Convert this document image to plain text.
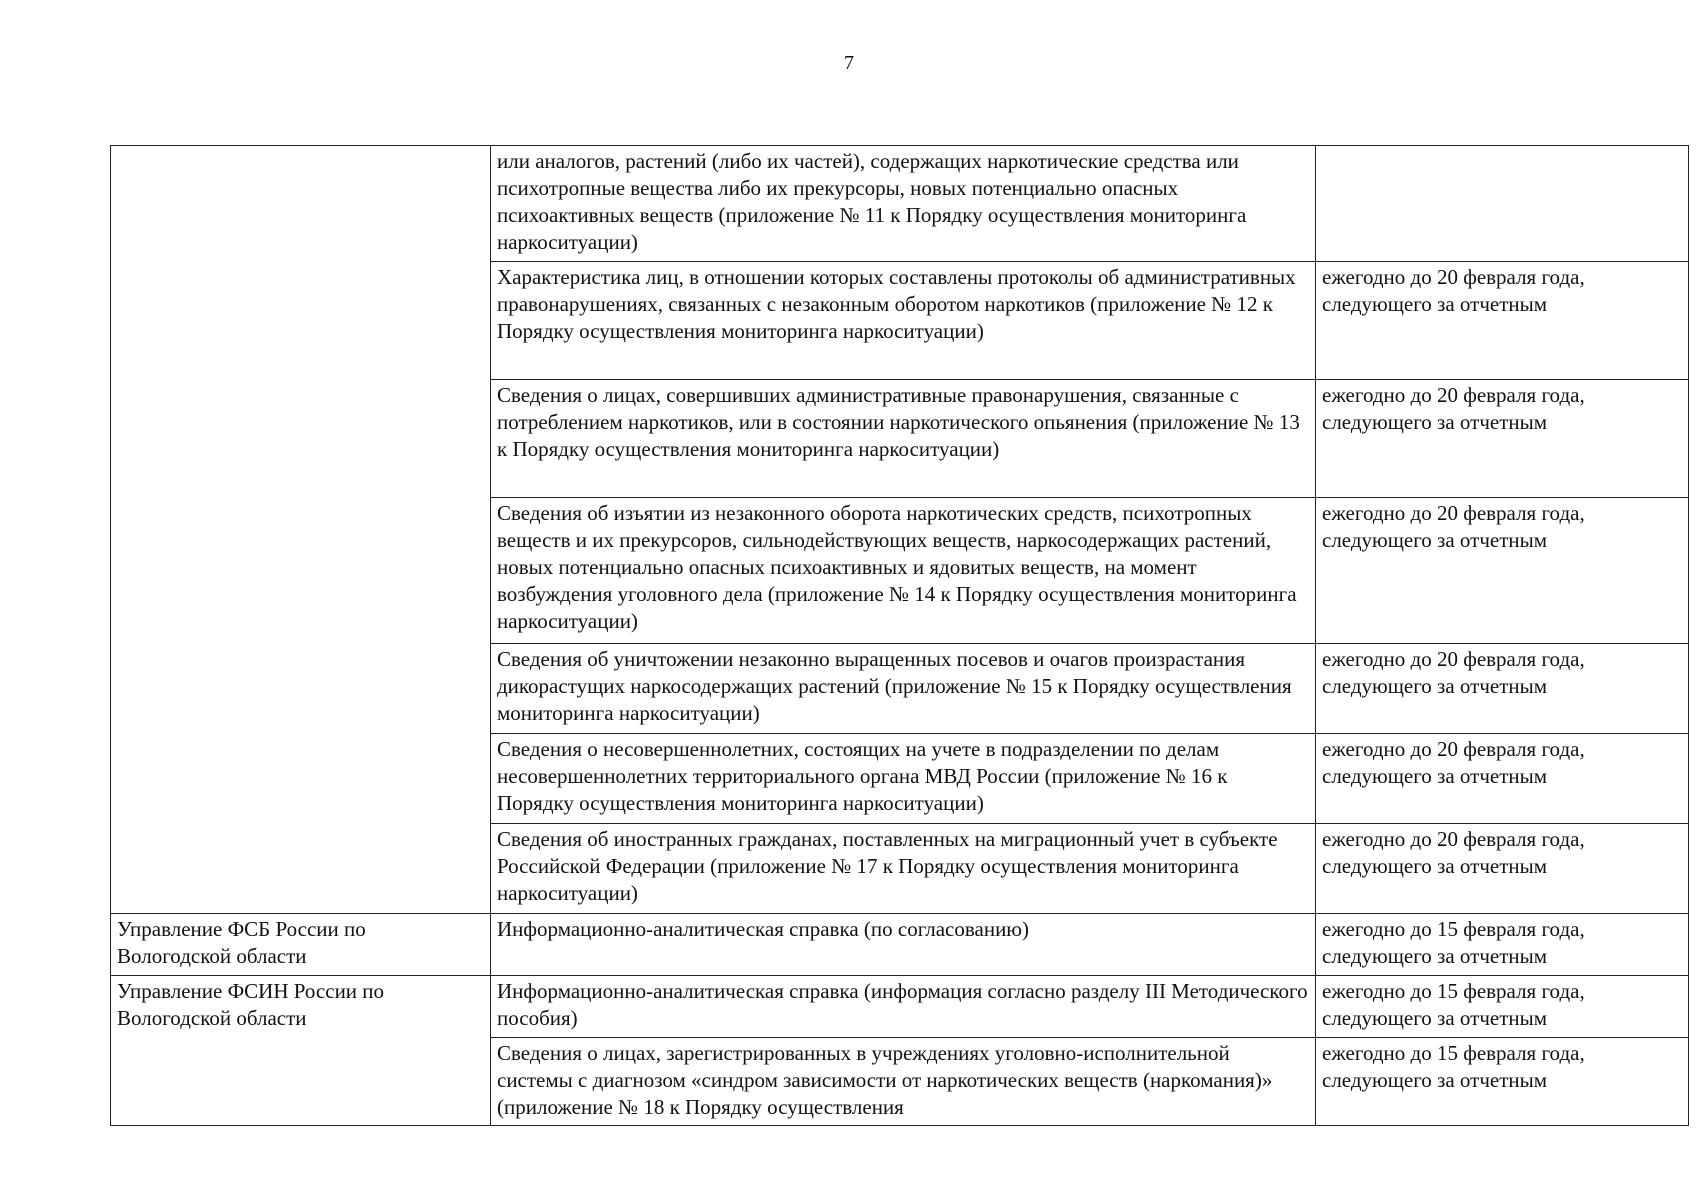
7

	или аналогов, растений (либо их частей), содержащих наркотические средства или психотропные вещества либо их прекурсоры, новых потенциально опасных психоактивных веществ (приложение № 11 к Порядку осуществления мониторинга наркоситуации)	

	Характеристика лиц, в отношении которых составлены протоколы об административных правонарушениях, связанных с незаконным оборотом наркотиков (приложение № 12 к Порядку осуществления мониторинга наркоситуации)	ежегодно до 20 февраля года, следующего за отчетным

	Сведения о лицах, совершивших административные правонарушения, связанные с потреблением наркотиков, или в состоянии наркотического опьянения (приложение № 13 к Порядку осуществления мониторинга наркоситуации)	ежегодно до 20 февраля года, следующего за отчетным

	Сведения об изъятии из незаконного оборота наркотических средств, психотропных веществ и их прекурсоров, сильнодействующих веществ, наркосодержащих растений, новых потенциально опасных психоактивных и ядовитых веществ, на момент возбуждения уголовного дела (приложение № 14 к Порядку осуществления мониторинга наркоситуации)	ежегодно до 20 февраля года, следующего за отчетным

	Сведения об уничтожении незаконно выращенных посевов и очагов произрастания дикорастущих наркосодержащих растений (приложение № 15 к Порядку осуществления мониторинга наркоситуации)	ежегодно до 20 февраля года, следующего за отчетным

	Сведения о несовершеннолетних, состоящих на учете в подразделении по делам несовершеннолетних территориального органа МВД России (приложение № 16 к Порядку осуществления мониторинга наркоситуации)	ежегодно до 20 февраля года, следующего за отчетным

	Сведения об иностранных гражданах, поставленных на миграционный учет в субъекте Российской Федерации (приложение № 17 к Порядку осуществления мониторинга наркоситуации)	ежегодно до 20 февраля года, следующего за отчетным

Управление ФСБ России по Вологодской области	Информационно-аналитическая справка (по согласованию)	ежегодно до 15 февраля года, следующего за отчетным

Управление ФСИН России по Вологодской области	Информационно-аналитическая справка (информация согласно разделу III Методического пособия)	ежегодно до 15 февраля года, следующего за отчетным

	Сведения о лицах, зарегистрированных в учреждениях уголовно-исполнительной системы с диагнозом «синдром зависимости от наркотических веществ (наркомания)» (приложение № 18 к Порядку осуществления	ежегодно до 15 февраля года, следующего за отчетным
